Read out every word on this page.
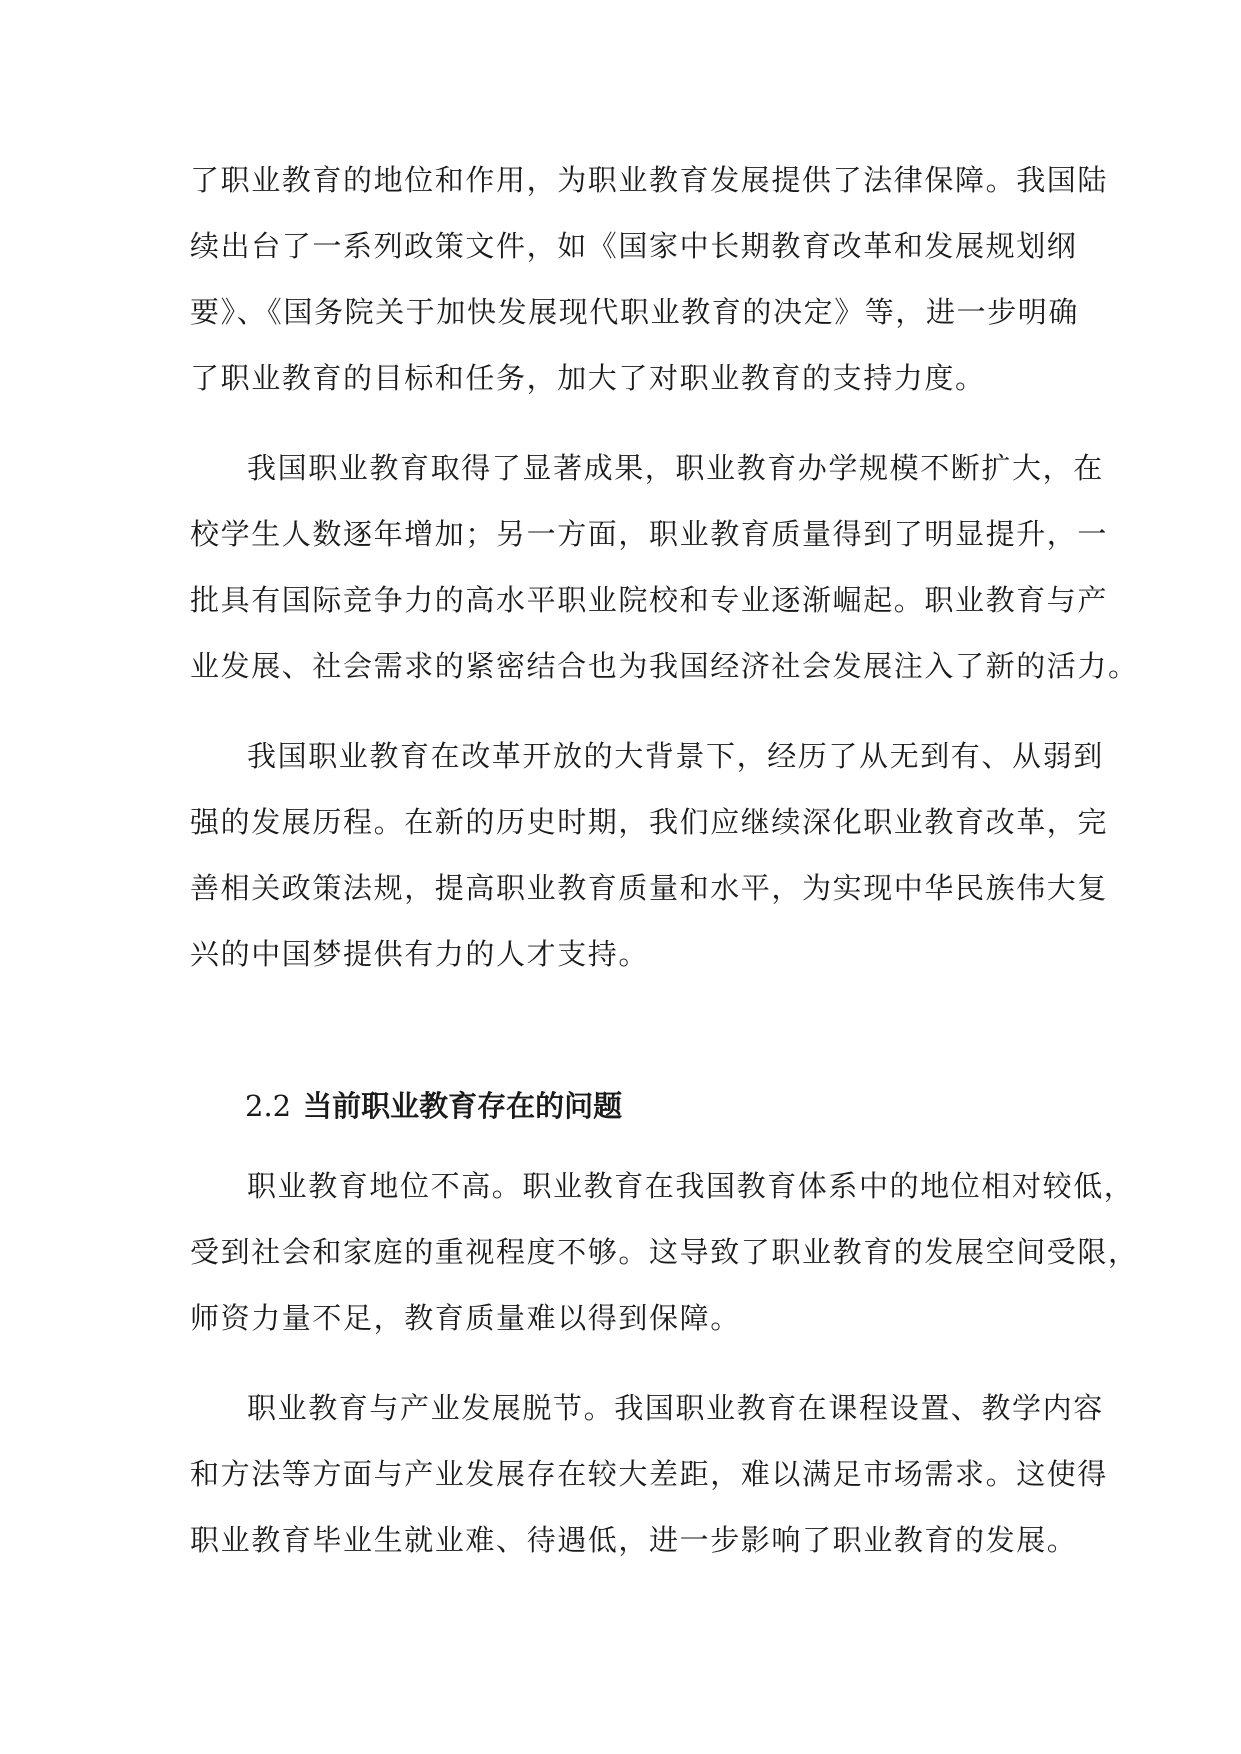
了职业教育的地位和作用，为职业教育发展提供了法律保障。我国陆
续出台了一系列政策文件，如《国家中长期教育改革和发展规划纲
要》、《国务院关于加快发展现代职业教育的决定》等，进一步明确
了职业教育的目标和任务，加大了对职业教育的支持力度。
我国职业教育取得了显著成果，职业教育办学规模不断扩大，在
校学生人数逐年增加；另一方面，职业教育质量得到了明显提升，一
批具有国际竞争力的高水平职业院校和专业逐渐崛起。职业教育与产
业发展、社会需求的紧密结合也为我国经济社会发展注入了新的活力。
我国职业教育在改革开放的大背景下，经历了从无到有、从弱到
强的发展历程。在新的历史时期，我们应继续深化职业教育改革，完
善相关政策法规，提高职业教育质量和水平，为实现中华民族伟大复
兴的中国梦提供有力的人才支持。
2.2 当前职业教育存在的问题
职业教育地位不高。职业教育在我国教育体系中的地位相对较低，
受到社会和家庭的重视程度不够。这导致了职业教育的发展空间受限，
师资力量不足，教育质量难以得到保障。
职业教育与产业发展脱节。我国职业教育在课程设置、教学内容
和方法等方面与产业发展存在较大差距，难以满足市场需求。这使得
职业教育毕业生就业难、待遇低，进一步影响了职业教育的发展。
